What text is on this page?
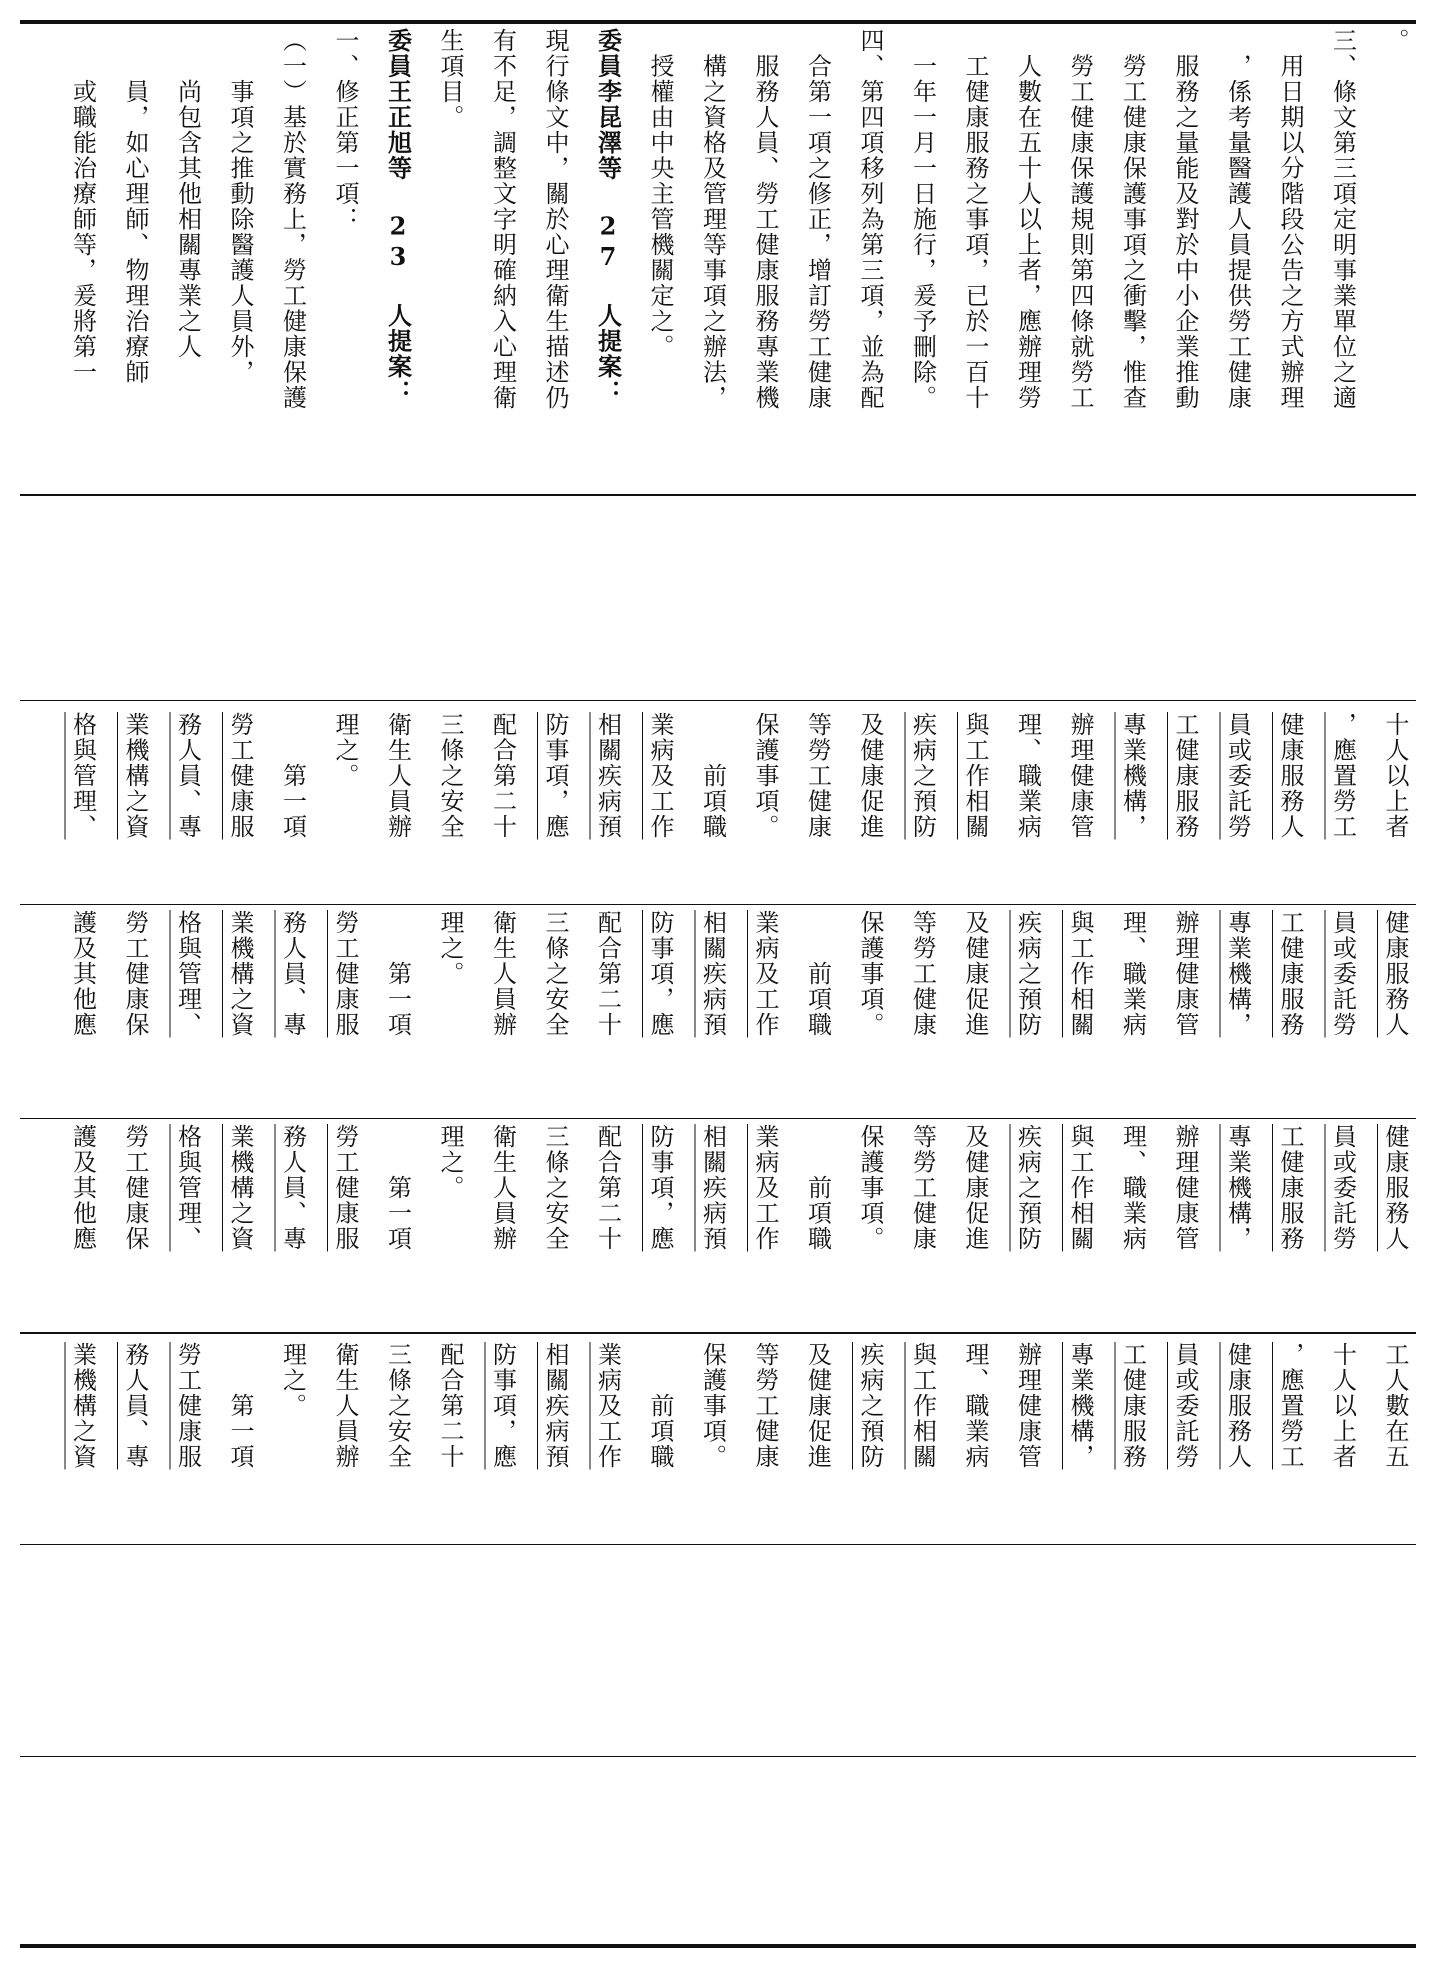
。
三、條文第三項定明事業單位之適
　用日期以分階段公告之方式辦理
　，係考量醫護人員提供勞工健康
　服務之量能及對於中小企業推動
　勞工健康保護事項之衝擊，惟查
　勞工健康保護規則第四條就勞工
　人數在五十人以上者，應辦理勞
　工健康服務之事項，已於一百十
　一年一月一日施行，爰予刪除。
四、第四項移列為第三項，並為配
　合第一項之修正，增訂勞工健康
　服務人員、勞工健康服務專業機
　構之資格及管理等事項之辦法，
　授權由中央主管機關定之。
委員李昆澤等 27 人提案：
現行條文中，關於心理衛生描述仍
有不足，調整文字明確納入心理衛
生項目。
委員王正旭等 23 人提案：
一、修正第一項：
（一）基於實務上，勞工健康保護
　　事項之推動除醫護人員外，
　　尚包含其他相關專業之人
　　員，如心理師、物理治療師
　　或職能治療師等，爰將第一
十人以上者
，應置勞工
健康服務人
員或委託勞
工健康服務
專業機構，
辦理健康管
理、職業病
與工作相關
疾病之預防
及健康促進
等勞工健康
保護事項。
　　前項職
業病及工作
相關疾病預
防事項，應
配合第二十
三條之安全
衛生人員辦
理之。
　　第一項
勞工健康服
務人員、專
業機構之資
格與管理、
健康服務人
員或委託勞
工健康服務
專業機構，
辦理健康管
理、職業病
與工作相關
疾病之預防
及健康促進
等勞工健康
保護事項。
　　前項職
業病及工作
相關疾病預
防事項，應
配合第二十
三條之安全
衛生人員辦
理之。
　　第一項
勞工健康服
務人員、專
業機構之資
格與管理、
勞工健康保
護及其他應
健康服務人
員或委託勞
工健康服務
專業機構，
辦理健康管
理、職業病
與工作相關
疾病之預防
及健康促進
等勞工健康
保護事項。
　　前項職
業病及工作
相關疾病預
防事項，應
配合第二十
三條之安全
衛生人員辦
理之。
　　第一項
勞工健康服
務人員、專
業機構之資
格與管理、
勞工健康保
護及其他應
工人數在五
十人以上者
，應置勞工
健康服務人
員或委託勞
工健康服務
專業機構，
辦理健康管
理、職業病
與工作相關
疾病之預防
及健康促進
等勞工健康
保護事項。
　　前項職
業病及工作
相關疾病預
防事項，應
配合第二十
三條之安全
衛生人員辦
理之。
　　第一項
勞工健康服
務人員、專
業機構之資
